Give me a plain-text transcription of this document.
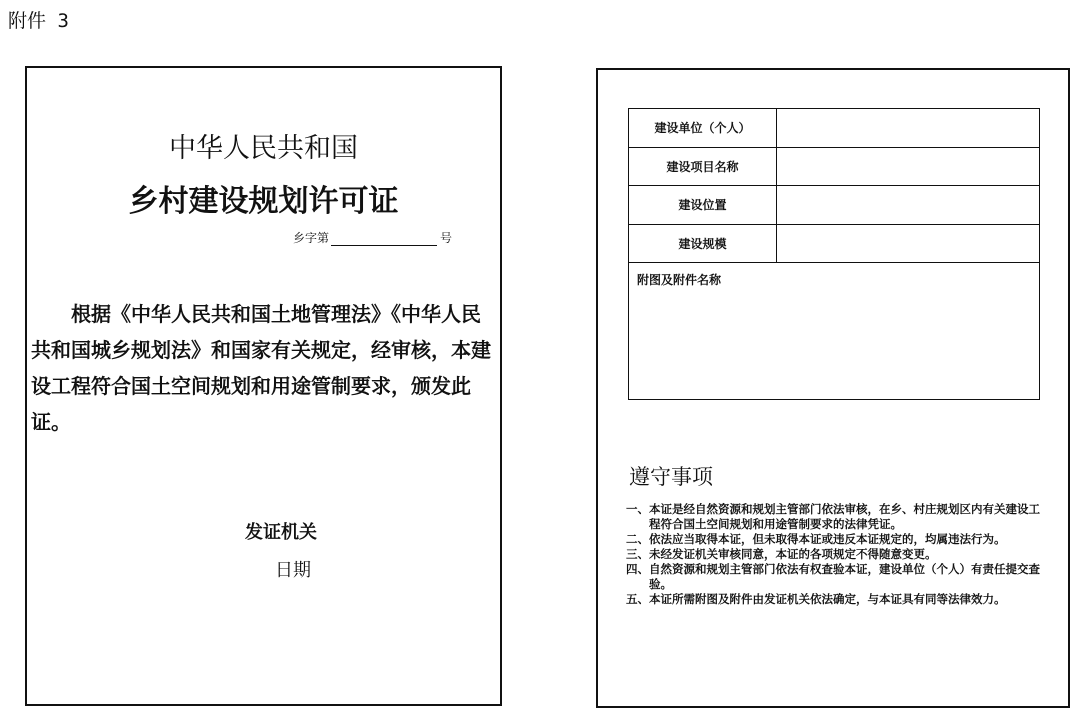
附件 3
中华人民共和国
乡村建设规划许可证
乡字第	号

根据《中华人民共和国土地管理法》《中华人民共和国城乡规划法》和国家有关规定，经审核，本建设工程符合国土空间规划和用途管制要求，颁发此证。

发证机关
日期
建设单位（个人）
建设项目名称
建设位置
建设规模
附图及附件名称
遵守事项
一、 本证是经自然资源和规划主管部门依法审核，在乡、村庄规划区内有关建设工程符合国土空间规划和用途管制要求的法律凭证。
二、 依法应当取得本证，但未取得本证或违反本证规定的，均属违法行为。
三、 未经发证机关审核同意，本证的各项规定不得随意变更。
四、 自然资源和规划主管部门依法有权查验本证，建设单位（个人）有责任提交查验。
五、 本证所需附图及附件由发证机关依法确定，与本证具有同等法律效力。
